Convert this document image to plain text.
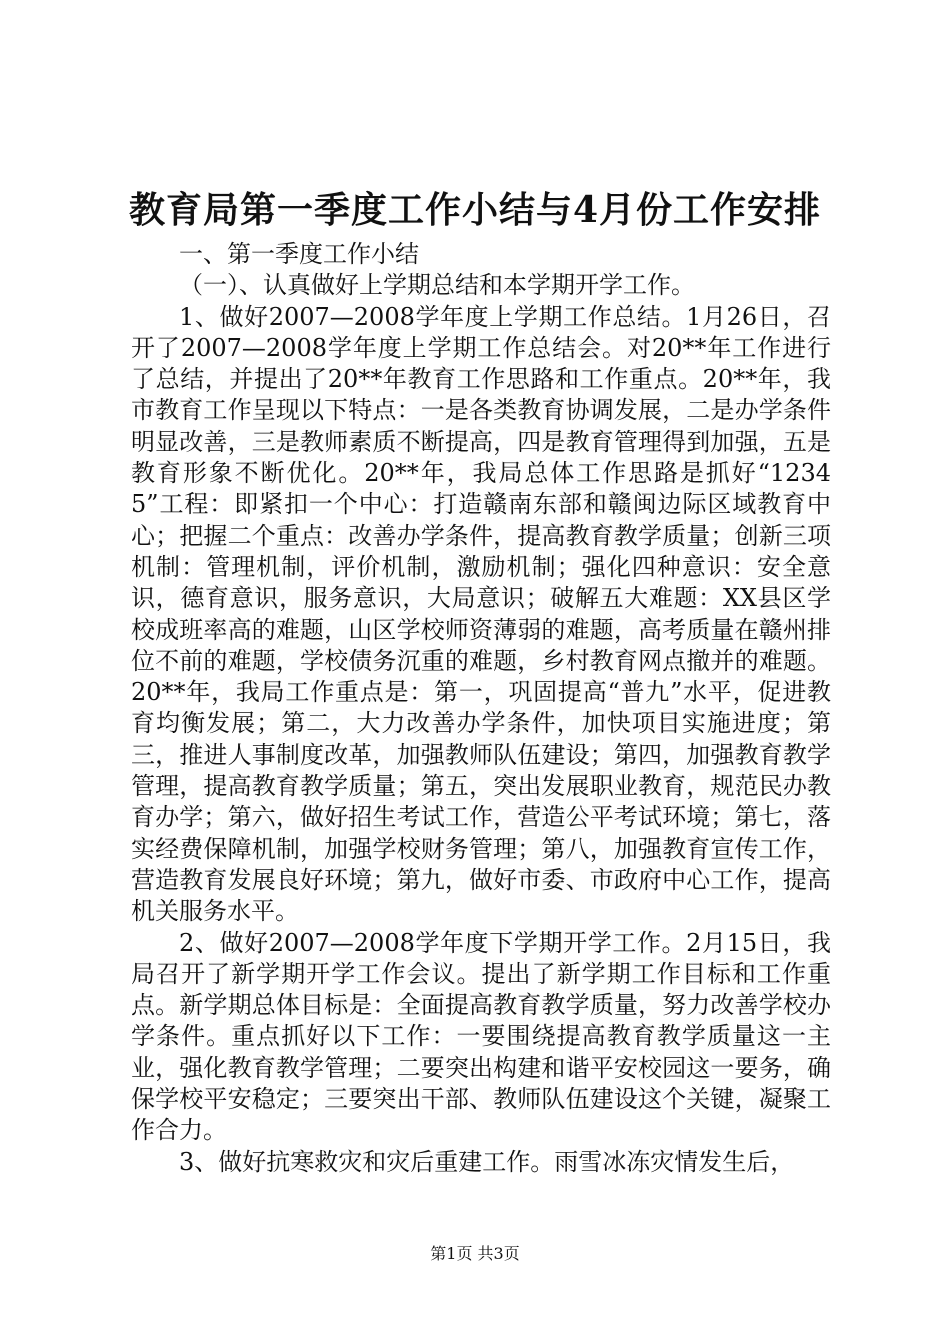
教育局第一季度工作小结与4月份工作安排

一、第一季度工作小结

（一）、认真做好上学期总结和本学期开学工作。

1、做好2007—2008学年度上学期工作总结。1月26日，召开了2007—2008学年度上学期工作总结会。对20**年工作进行了总结，并提出了20**年教育工作思路和工作重点。20**年，我市教育工作呈现以下特点：一是各类教育协调发展，二是办学条件明显改善，三是教师素质不断提高，四是教育管理得到加强，五是教育形象不断优化。20**年，我局总体工作思路是抓好“12345”工程：即紧扣一个中心：打造赣南东部和赣闽边际区域教育中心；把握二个重点：改善办学条件，提高教育教学质量；创新三项机制：管理机制，评价机制，激励机制；强化四种意识：安全意识，德育意识，服务意识，大局意识；破解五大难题：XX县区学校成班率高的难题，山区学校师资薄弱的难题，高考质量在赣州排位不前的难题，学校债务沉重的难题，乡村教育网点撤并的难题。20**年，我局工作重点是：第一，巩固提高“普九”水平，促进教育均衡发展；第二，大力改善办学条件，加快项目实施进度；第三，推进人事制度改革，加强教师队伍建设；第四，加强教育教学管理，提高教育教学质量；第五，突出发展职业教育，规范民办教育办学；第六，做好招生考试工作，营造公平考试环境；第七，落实经费保障机制，加强学校财务管理；第八，加强教育宣传工作，营造教育发展良好环境；第九，做好市委、市政府中心工作，提高机关服务水平。

2、做好2007—2008学年度下学期开学工作。2月15日，我局召开了新学期开学工作会议。提出了新学期工作目标和工作重点。新学期总体目标是：全面提高教育教学质量，努力改善学校办学条件。重点抓好以下工作：一要围绕提高教育教学质量这一主业，强化教育教学管理；二要突出构建和谐平安校园这一要务，确保学校平安稳定；三要突出干部、教师队伍建设这个关键，凝聚工作合力。

3、做好抗寒救灾和灾后重建工作。雨雪冰冻灾情发生后，

第1页 共3页
